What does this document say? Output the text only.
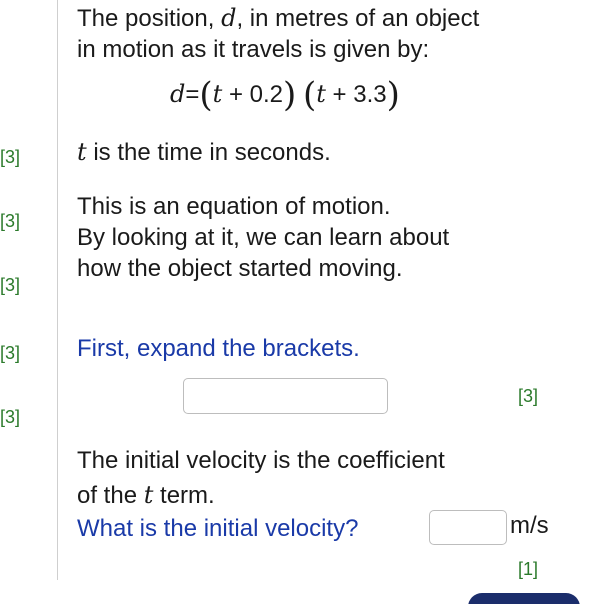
[3]
[3]
[3]
[3]
[3]
The position, d, in metres of an object
in motion as it travels is given by:
d=(t + 0.2) (t + 3.3)
t is the time in seconds.
This is an equation of motion.
By looking at it, we can learn about
how the object started moving.
First, expand the brackets.
[3]
The initial velocity is the coefficient
of the t term.
What is the initial velocity?	m/s
[1]
